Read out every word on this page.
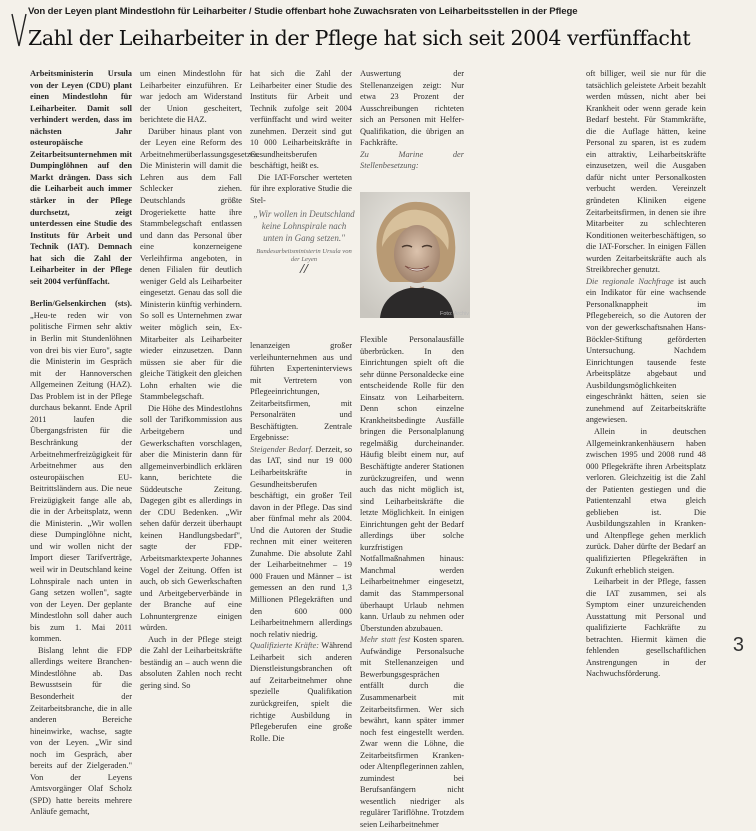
Von der Leyen plant Mindestlohn für Leiharbeiter / Studie offenbart hohe Zuwachsraten von Leiharbeitsstellen in der Pflege
Zahl der Leiharbeiter in der Pflege hat sich seit 2004 verfünffacht

Arbeitsministerin Ursula von der Leyen (CDU) plant einen Mindestlohn für Leiharbeiter. Damit soll verhindert werden, dass im nächsten Jahr osteuropäische Zeitarbeitsunternehmen mit Dumpinglöhnen auf den Markt drängen. Dass sich die Leiharbeit auch immer stärker in der Pflege durchsetzt, zeigt unterdessen eine Studie des Instituts für Arbeit und Technik (IAT). Demnach hat sich die Zahl der Leiharbeiter in der Pflege seit 2004 verfünffacht.

Berlin/Gelsenkirchen (sts). „Heu-te reden wir von politische Firmen sehr aktiv in Berlin mit Stundenlöhnen von drei bis vier Euro", sagte die Ministerin im Gespräch mit der Hannoverschen Allgemeinen Zeitung (HAZ). Das Problem ist in der Pflege durchaus bekannt. Ende April 2011 laufen die Übergangsfristen für die Beschränkung der Arbeitnehmerfreizügigkeit für Arbeitnehmer aus den osteuropäischen EU-Beitrittsländern aus. Die neue Freizügigkeit fange alle ab, die in der Arbeitsplatz, wenn die Ministerin. „Wir wollen diese Dumpinglöhne nicht, und wir wollen nicht der Import dieser Tarifverträge, weil wir in Deutschland keine Lohnspirale nach unten in Gang setzen wollen", sagte von der Leyen. Der geplante Mindestlohn soll daher auch bis zum 1. Mai 2011 kommen.

Bislang lehnt die FDP allerdings weitere Branchen-Mindestlöhne ab. Das Bewusstsein für die Besonderheit der Zeitarbeitsbranche, die in alle anderen Bereiche hineinwirke, wachse, sagte von der Leyen. „Wir sind noch im Gespräch, aber bereits auf der Zielgeraden." Von der Leyens Amtsvorgänger Olaf Scholz (SPD) hatte bereits mehrere Anläufe gemacht,

um einen Mindestlohn für Leiharbeiter einzuführen. Er war jedoch am Widerstand der Union gescheitert, berichtete die HAZ.

Darüber hinaus plant von der Leyen eine Reform des Arbeitnehmerüberlassungsgesetzes. Die Ministerin will damit die Lehren aus dem Fall Schlecker ziehen. Deutschlands größte Drogeriekette hatte ihre Stammbelegschaft entlassen und dann das Personal über eine konzerneigene Verleihfirma angeboten, in denen Filialen für deutlich weniger Geld als Leiharbeiter eingesetzt. Genau das soll die Ministerin künftig verhindern. So soll es Unternehmen zwar weiter möglich sein, Ex-Mitarbeiter als Leiharbeiter wieder einzusetzen. Dann müssen sie aber für die gleiche Tätigkeit den gleichen Lohn erhalten wie die Stammbelegschaft.

Die Höhe des Mindestlohns soll der Tarifkommission aus Arbeitgebern und Gewerkschaften vorschlagen, aber die Ministerin dann für allgemeinverbindlich erklären kann, berichtete die Süddeutsche Zeitung. Dagegen gibt es allerdings in der CDU Bedenken. „Wir sehen dafür derzeit überhaupt keinen Handlungsbedarf", sagte der FDP-Arbeitsmarktexperte Johannes Vogel der Zeitung. Offen ist auch, ob sich Gewerkschaften und Arbeitgeberverbände in der Branche auf eine Lohnuntergrenze einigen würden.

Auch in der Pflege steigt die Zahl der Leiharbeitskräfte beständig an – auch wenn die absoluten Zahlen noch recht gering sind. So

hat sich die Zahl der Leiharbeiter einer Studie des Instituts für Arbeit und Technik zufolge seit 2004 verfünffacht und wird weiter zunehmen. Derzeit sind gut 10 000 Leiharbeitskräfte in Gesundheitsberufen beschäftigt, heißt es.

Die IAT-Forscher werteten für ihre explorative Studie die Stel-

„Wir wollen in Deutschland keine Lohnspirale nach unten in Gang setzen."
Bundesarbeitsministerin Ursula von der Leyen
//

lenanzeigen großer verleihunternehmen aus und führten Experteninterviews mit Vertretern von Pflegeeinrichtungen, Zeitarbeitsfirmen, mit Personalräten und Beschäftigten. Zentrale Ergebnisse:

Steigender Bedarf. Derzeit, so das IAT, sind nur 19 000 Leiharbeitskräfte in Gesundheitsberufen beschäftigt, ein großer Teil davon in der Pflege. Das sind aber fünfmal mehr als 2004. Und die Autoren der Studie rechnen mit einer weiteren Zunahme. Die absolute Zahl der Leiharbeitnehmer – 19 000 Frauen und Männer – ist gemessen an den rund 1,3 Millionen Pflegekräften und den 600 000 Leiharbeitnehmern allerdings noch relativ niedrig.

Qualifizierte Kräfte: Während Leiharbeit sich anderen Dienstleistungsbranchen oft auf Zeitarbeitnehmer ohne spezielle Qualifikation zurückgreifen, spielt die richtige Ausbildung in Pflegeberufen eine große Rolle. Die

Foto: Archiv

Auswertung der Stellenanzeigen zeigt: Nur etwa 23 Prozent der Ausschreibungen richteten sich an Personen mit Helfer-Qualifikation, die übrigen an Fachkräfte.

Zu Marine der Stellenbesetzung:

Flexible Personalausfälle überbrücken. In den Einrichtungen spielt oft die sehr dünne Personaldecke eine entscheidende Rolle für den Einsatz von Leiharbeitern. Denn schon einzelne Krankheitsbedingte Ausfälle bringen die Personalplanung regelmäßig durcheinander. Häufig bleibt einem nur, auf Beschäftigte anderer Stationen zurückzugreifen, und wenn auch das nicht möglich ist, sind Leiharbeitskräfte die letzte Möglichkeit. In einigen Einrichtungen geht der Bedarf allerdings über solche kurzfristigen Notfallmaßnahmen hinaus: Manchmal werden Leiharbeitnehmer eingesetzt, damit das Stammpersonal überhaupt Urlaub nehmen kann. Urlaub zu nehmen oder Überstunden abzubauen.

Mehr statt fest Kosten sparen. Aufwändige Personalsuche mit Stellenanzeigen und Bewerbungsgesprächen entfällt durch die Zusammenarbeit mit Zeitarbeitsfirmen. Wer sich bewährt, kann später immer noch fest eingestellt werden. Zwar wenn die Löhne, die Zeitarbeitsfirmen Kranken- oder Altenpflegerinnen zahlen, zumindest bei Berufsanfängern nicht wesentlich niedriger als regulärer Tariflöhne. Trotzdem seien Leiharbeitnehmer

oft billiger, weil sie nur für die tatsächlich geleistete Arbeit bezahlt werden müssen, nicht aber bei Krankheit oder wenn gerade kein Bedarf besteht. Für Stammkräfte, die die Auflage hätten, keine Personal zu sparen, ist es zudem ein attraktiv, Leiharbeitskräfte einzusetzen, weil die Ausgaben dafür nicht unter Personalkosten verbucht werden. Vereinzelt gründeten Kliniken eigene Zeitarbeitsfirmen, in denen sie ihre Mitarbeiter zu schlechteren Konditionen weiterbeschäftigen, so die IAT-Forscher. In einigen Fällen wurden Zeitarbeitskräfte auch als Streikbrecher genutzt.

Die regionale Nachfrage ist auch ein Indikator für eine wachsende Personalknappheit im Pflegebereich, so die Autoren der von der gewerkschaftsnahen Hans-Böckler-Stiftung geförderten Untersuchung. Nachdem Einrichtungen tausende feste Arbeitsplätze abgebaut und Ausbildungsmöglichkeiten eingeschränkt hätten, seien sie zunehmend auf Zeitarbeitskräfte angewiesen.

Allein in deutschen Allgemeinkrankenhäusern haben zwischen 1995 und 2008 rund 48 000 Pflegekräfte ihren Arbeitsplatz verloren. Gleichzeitig ist die Zahl der Patienten gestiegen und die Patientenzahl etwa gleich geblieben ist. Die Ausbildungszahlen in Kranken- und Altenpflege gehen merklich zurück. Daher dürfte der Bedarf an qualifizierten Pflegekräften in Zukunft erheblich steigen.

Leiharbeit in der Pflege, fassen die IAT zusammen, sei als Symptom einer unzureichenden Ausstattung mit Personal und qualifizierte Fachkräfte zu betrachten. Hiermit kämen die fehlenden gesellschaftlichen Anstrengungen in der Nachwuchsförderung.

3
